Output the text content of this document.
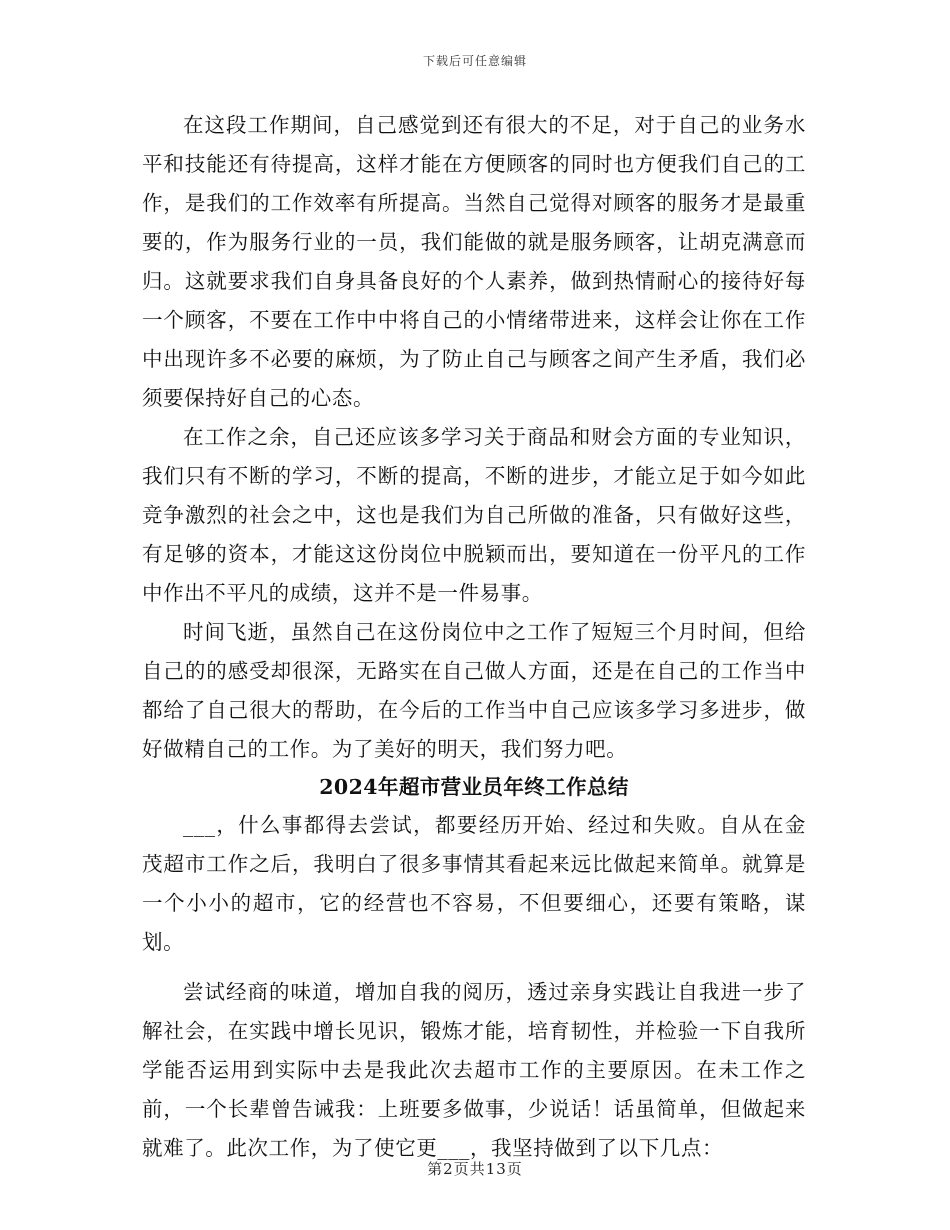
下载后可任意编辑

在这段工作期间，自己感觉到还有很大的不足，对于自己的业务水平和技能还有待提高，这样才能在方便顾客的同时也方便我们自己的工作，是我们的工作效率有所提高。当然自己觉得对顾客的服务才是最重要的，作为服务行业的一员，我们能做的就是服务顾客，让胡克满意而归。这就要求我们自身具备良好的个人素养，做到热情耐心的接待好每一个顾客，不要在工作中中将自己的小情绪带进来，这样会让你在工作中出现许多不必要的麻烦，为了防止自己与顾客之间产生矛盾，我们必须要保持好自己的心态。

在工作之余，自己还应该多学习关于商品和财会方面的专业知识，我们只有不断的学习，不断的提高，不断的进步，才能立足于如今如此竞争激烈的社会之中，这也是我们为自己所做的准备，只有做好这些，有足够的资本，才能这这份岗位中脱颖而出，要知道在一份平凡的工作中作出不平凡的成绩，这并不是一件易事。

时间飞逝，虽然自己在这份岗位中之工作了短短三个月时间，但给自己的的感受却很深，无路实在自己做人方面，还是在自己的工作当中都给了自己很大的帮助，在今后的工作当中自己应该多学习多进步，做好做精自己的工作。为了美好的明天，我们努力吧。

2024年超市营业员年终工作总结

___，什么事都得去尝试，都要经历开始、经过和失败。自从在金茂超市工作之后，我明白了很多事情其看起来远比做起来简单。就算是一个小小的超市，它的经营也不容易，不但要细心，还要有策略，谋划。

尝试经商的味道，增加自我的阅历，透过亲身实践让自我进一步了解社会，在实践中增长见识，锻炼才能，培育韧性，并检验一下自我所学能否运用到实际中去是我此次去超市工作的主要原因。在未工作之前，一个长辈曾告诫我：上班要多做事，少说话！话虽简单，但做起来就难了。此次工作，为了使它更___，我坚持做到了以下几点：

第2页共13页
